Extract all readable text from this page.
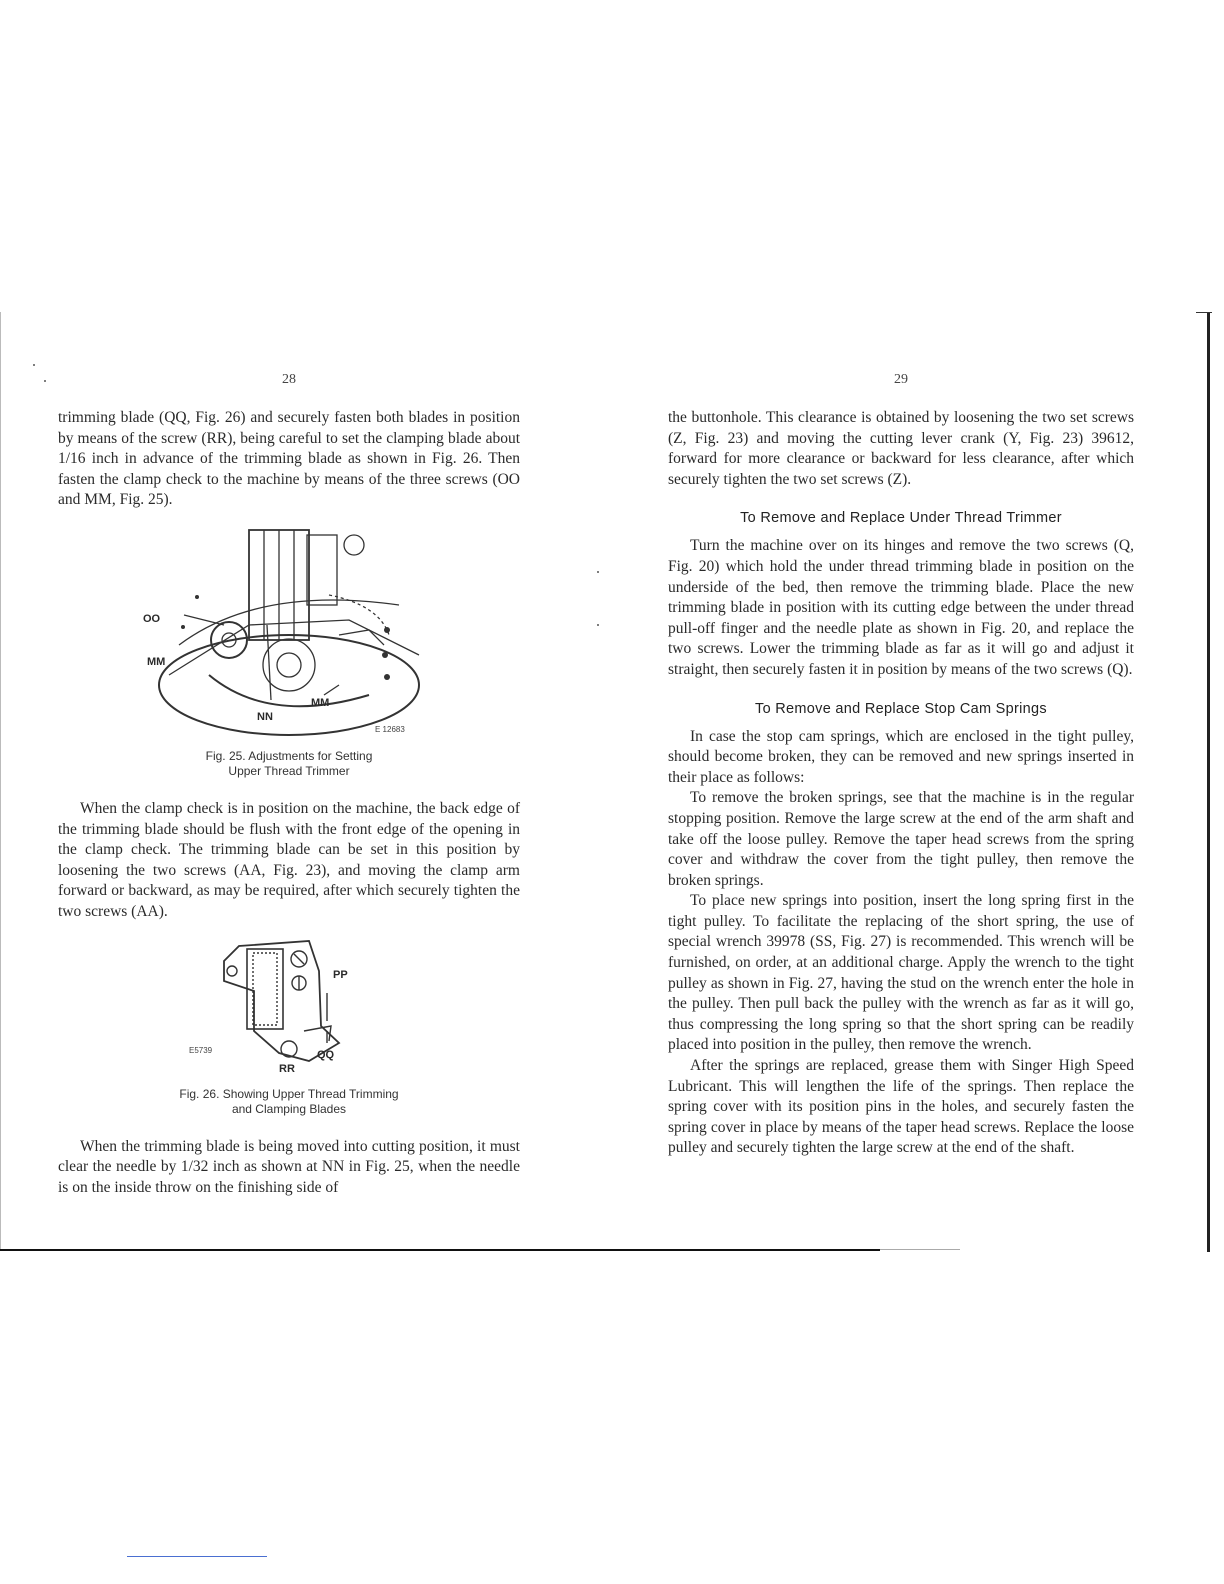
28

trimming blade (QQ, Fig. 26) and securely fasten both blades in position by means of the screw (RR), being careful to set the clamping blade about 1/16 inch in advance of the trimming blade as shown in Fig. 26. Then fasten the clamp check to the machine by means of the three screws (OO and MM, Fig. 25).

OO
MM
NN
MM
E 12683
Fig. 25. Adjustments for Setting
Upper Thread Trimmer

When the clamp check is in position on the machine, the back edge of the trimming blade should be flush with the front edge of the opening in the clamp check. The trimming blade can be set in this position by loosening the two screws (AA, Fig. 23), and moving the clamp arm forward or backward, as may be required, after which securely tighten the two screws (AA).

PP
QQ
RR
E5739
Fig. 26. Showing Upper Thread Trimming
and Clamping Blades

When the trimming blade is being moved into cutting position, it must clear the needle by 1/32 inch as shown at NN in Fig. 25, when the needle is on the inside throw on the finishing side of

29

the buttonhole. This clearance is obtained by loosening the two set screws (Z, Fig. 23) and moving the cutting lever crank (Y, Fig. 23) 39612, forward for more clearance or backward for less clearance, after which securely tighten the two set screws (Z).

To Remove and Replace Under Thread Trimmer

Turn the machine over on its hinges and remove the two screws (Q, Fig. 20) which hold the under thread trimming blade in position on the underside of the bed, then remove the trimming blade. Place the new trimming blade in position with its cutting edge between the under thread pull-off finger and the needle plate as shown in Fig. 20, and replace the two screws. Lower the trimming blade as far as it will go and adjust it straight, then securely fasten it in position by means of the two screws (Q).

To Remove and Replace Stop Cam Springs

In case the stop cam springs, which are enclosed in the tight pulley, should become broken, they can be removed and new springs inserted in their place as follows:

To remove the broken springs, see that the machine is in the regular stopping position. Remove the large screw at the end of the arm shaft and take off the loose pulley. Remove the taper head screws from the spring cover and withdraw the cover from the tight pulley, then remove the broken springs.

To place new springs into position, insert the long spring first in the tight pulley. To facilitate the replacing of the short spring, the use of special wrench 39978 (SS, Fig. 27) is recommended. This wrench will be furnished, on order, at an additional charge. Apply the wrench to the tight pulley as shown in Fig. 27, having the stud on the wrench enter the hole in the pulley. Then pull back the pulley with the wrench as far as it will go, thus compressing the long spring so that the short spring can be readily placed into position in the pulley, then remove the wrench.

After the springs are replaced, grease them with Singer High Speed Lubricant. This will lengthen the life of the springs. Then replace the spring cover with its position pins in the holes, and securely fasten the spring cover in place by means of the taper head screws. Replace the loose pulley and securely tighten the large screw at the end of the shaft.
